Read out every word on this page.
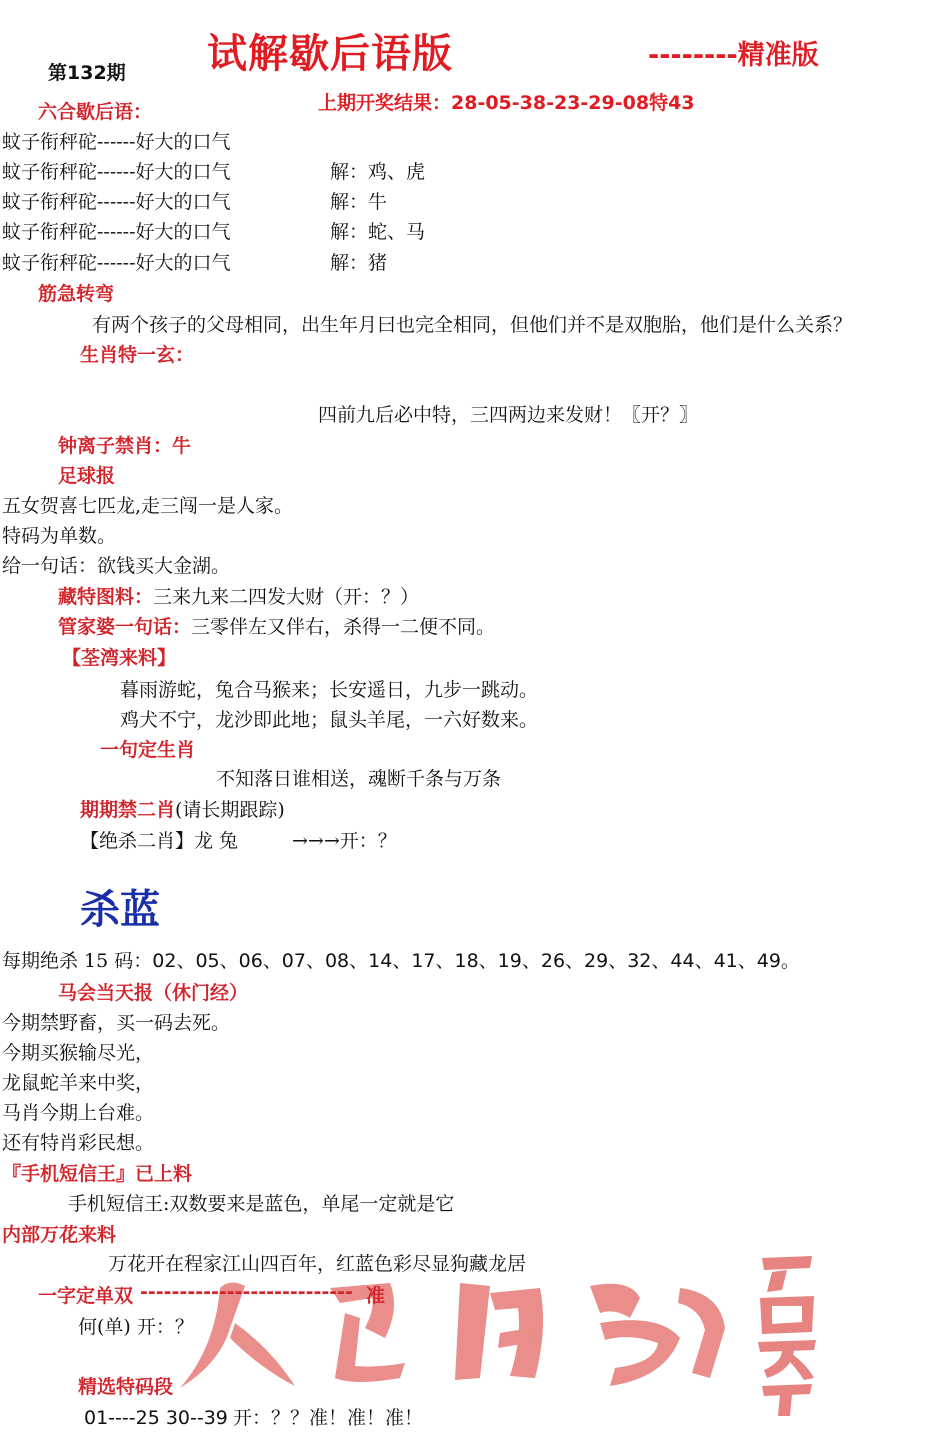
试解歇后语版	--------精准版
第132期
上期开奖结果：28-05-38-23-29-08特43
六合歇后语：
蚊子衔秤砣------好大的口气
蚊子衔秤砣------好大的口气	解：鸡、虎
蚊子衔秤砣------好大的口气	解：牛
蚊子衔秤砣------好大的口气	解：蛇、马
蚊子衔秤砣------好大的口气	解：猪
筋急转弯
有两个孩子的父母相同，出生年月曰也完全相同，但他们并不是双胞胎，他们是什么关系？
生肖特一玄：
四前九后必中特，三四两边来发财！〖开？〗
钟离子禁肖：牛
足球报
五女贺喜七匹龙,走三闯一是人家。
特码为单数。
给一句话：欲钱买大金湖。
藏特图料：三来九来二四发大财（开：？）
管家婆一句话：三零伴左又伴右，杀得一二便不同。
【荃湾来料】
暮雨游蛇，兔合马猴来；长安遥日，九步一跳动。
鸡犬不宁，龙沙即此地；鼠头羊尾，一六好数来。
一句定生肖
不知落日谁相送，魂断千条与万条
期期禁二肖(请长期跟踪)
【绝杀二肖】龙 兔	→→→开：？
杀蓝
每期绝杀 15 码：02、05、06、07、08、14、17、18、19、26、29、32、44、41、49。
马会当天报（休门经）
今期禁野畜，买一码去死。
今期买猴输尽光，
龙鼠蛇羊来中奖，
马肖今期上台难。
还有特肖彩民想。
『手机短信王』已上料
手机短信王:双数要来是蓝色，单尾一定就是它
内部万花来料
万花开在程家江山四百年，红蓝色彩尽显狗藏龙居
一字定单双 --------------------------- 准
何(单) 开：？
精选特码段
01----25 30--39 开：？？准！准！准！
